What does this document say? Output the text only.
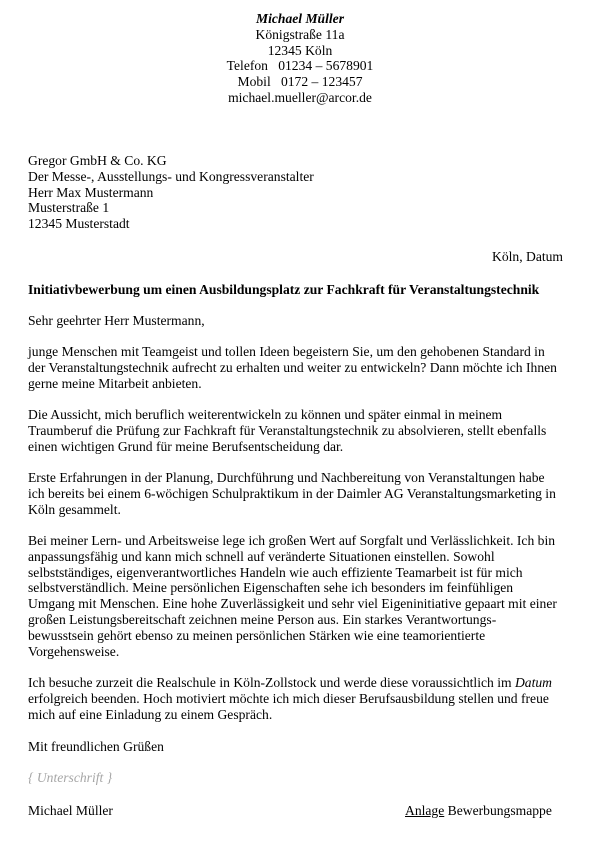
Michael Müller
Königstraße 11a
12345 Köln
Telefon 01234 – 5678901
Mobil 0172 – 123457
michael.mueller@arcor.de
Gregor GmbH & Co. KG
Der Messe-, Ausstellungs- und Kongressveranstalter
Herr Max Mustermann
Musterstraße 1
12345 Musterstadt
Köln, Datum
Initiativbewerbung um einen Ausbildungsplatz zur Fachkraft für Veranstaltungstechnik
Sehr geehrter Herr Mustermann,
junge Menschen mit Teamgeist und tollen Ideen begeistern Sie, um den gehobenen Standard in
der Veranstaltungstechnik aufrecht zu erhalten und weiter zu entwickeln? Dann möchte ich Ihnen
gerne meine Mitarbeit anbieten.
Die Aussicht, mich beruflich weiterentwickeln zu können und später einmal in meinem
Traumberuf die Prüfung zur Fachkraft für Veranstaltungstechnik zu absolvieren, stellt ebenfalls
einen wichtigen Grund für meine Berufsentscheidung dar.
Erste Erfahrungen in der Planung, Durchführung und Nachbereitung von Veranstaltungen habe
ich bereits bei einem 6-wöchigen Schulpraktikum in der Daimler AG Veranstaltungsmarketing in
Köln gesammelt.
Bei meiner Lern- und Arbeitsweise lege ich großen Wert auf Sorgfalt und Verlässlichkeit. Ich bin
anpassungsfähig und kann mich schnell auf veränderte Situationen einstellen. Sowohl
selbstständiges, eigenverantwortliches Handeln wie auch effiziente Teamarbeit ist für mich
selbstverständlich. Meine persönlichen Eigenschaften sehe ich besonders im feinfühligen
Umgang mit Menschen. Eine hohe Zuverlässigkeit und sehr viel Eigeninitiative gepaart mit einer
großen Leistungsbereitschaft zeichnen meine Person aus. Ein starkes Verantwortungs-
bewusstsein gehört ebenso zu meinen persönlichen Stärken wie eine teamorientierte
Vorgehensweise.
Ich besuche zurzeit die Realschule in Köln-Zollstock und werde diese voraussichtlich im Datum
erfolgreich beenden. Hoch motiviert möchte ich mich dieser Berufsausbildung stellen und freue
mich auf eine Einladung zu einem Gespräch.
Mit freundlichen Grüßen
{ Unterschrift }
Michael Müller	Anlage Bewerbungsmappe
